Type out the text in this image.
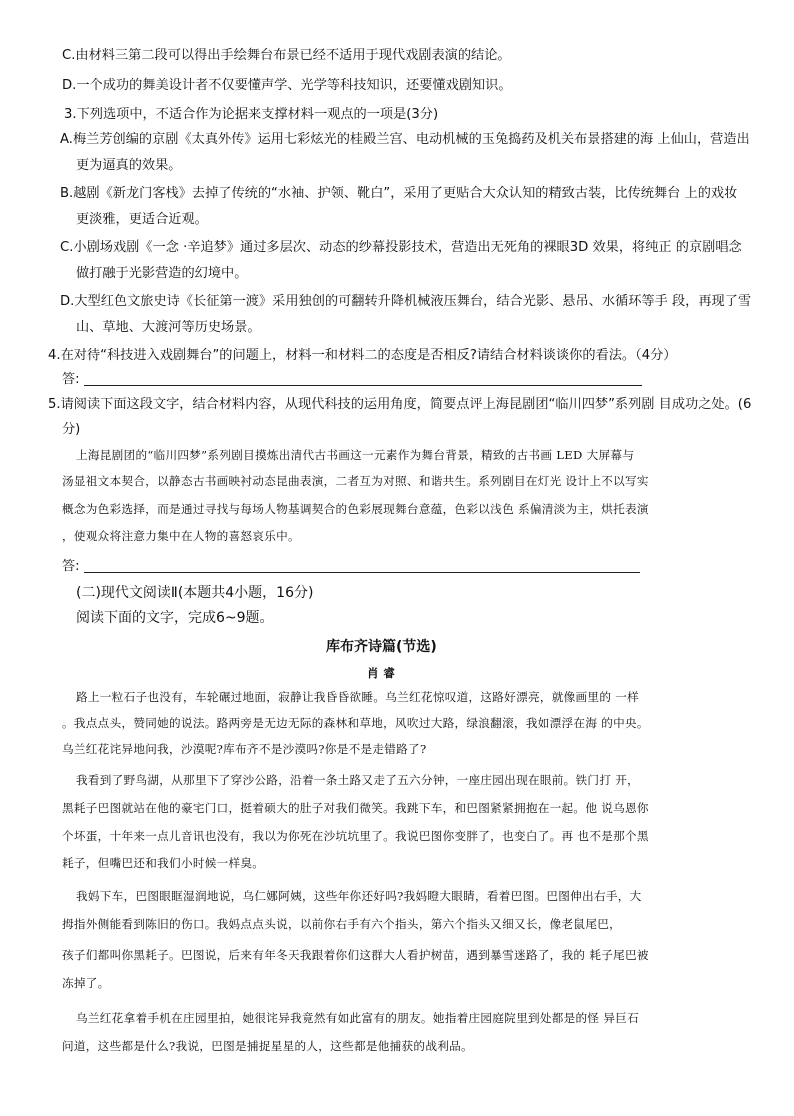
C.由材料三第二段可以得出手绘舞台布景已经不适用于现代戏剧表演的结论。
D.一个成功的舞美设计者不仅要懂声学、光学等科技知识，还要懂戏剧知识。
3.下列选项中，不适合作为论据来支撑材料一观点的一项是(3分)
A.梅兰芳创编的京剧《太真外传》运用七彩炫光的桂殿兰宫、电动机械的玉兔捣药及机关布景搭建的海 上仙山，营造出
更为逼真的效果。
B.越剧《新龙门客栈》去掉了传统的“水袖、护领、靴白”，采用了更贴合大众认知的精致古装，比传统舞台 上的戏妆
更淡雅，更适合近观。
C.小剧场戏剧《一念 ·辛追梦》通过多层次、动态的纱幕投影技术，营造出无死角的裸眼3D 效果，将纯正 的京剧唱念
做打融于光影营造的幻境中。
D.大型红色文旅史诗《长征第一渡》采用独创的可翻转升降机械液压舞台，结合光影、悬吊、水循环等手 段，再现了雪
山、草地、大渡河等历史场景。
4.在对待“科技进入戏剧舞台”的问题上，材料一和材料二的态度是否相反?请结合材料谈谈你的看法。（4分）
答:
5.请阅读下面这段文字，结合材料内容，从现代科技的运用角度，简要点评上海昆剧团“临川四梦”系列剧 目成功之处。(6
分)
上海昆剧团的“临川四梦”系列剧目摸炼出清代古书画这一元素作为舞台背景，精致的古书画 LED 大屏幕与
汤显祖文本契合，以静态古书画映衬动态昆曲表演，二者互为对照、和谐共生。系列剧目在灯光 设计上不以写实
概念为色彩选择，而是通过寻找与每场人物基调契合的色彩展现舞台意蕴，色彩以浅色 系偏清淡为主，烘托表演
，使观众将注意力集中在人物的喜怒哀乐中。
答:
(二)现代文阅读Ⅱ(本题共4小题，16分)
阅读下面的文字，完成6~9题。
库布齐诗篇(节选)
肖 睿
路上一粒石子也没有，车轮碾过地面，寂静让我昏昏欲睡。乌兰红花惊叹道，这路好漂亮，就像画里的 一样
。我点点头，赞同她的说法。路两旁是无边无际的森林和草地，风吹过大路，绿浪翻滚，我如漂浮在海 的中央。
乌兰红花诧异地问我，沙漠呢?库布齐不是沙漠吗?你是不是走错路了?
我看到了野鸟湖，从那里下了穿沙公路，沿着一条土路又走了五六分钟，一座庄园出现在眼前。铁门打 开，
黑耗子巴图就站在他的豪宅门口，挺着硕大的肚子对我们微笑。我跳下车，和巴图紧紧拥抱在一起。他 说乌恩你
个坏蛋，十年来一点儿音讯也没有，我以为你死在沙坑坑里了。我说巴图你变胖了，也变白了。再 也不是那个黑
耗子，但嘴巴还和我们小时候一样臭。
我妈下车，巴图眼眶湿润地说，乌仁娜阿姨，这些年你还好吗?我妈瞪大眼睛，看着巴图。巴图伸出右手，大
拇指外侧能看到陈旧的伤口。我妈点点头说，以前你右手有六个指头，第六个指头又细又长，像老鼠尾巴，
孩子们都叫你黑耗子。巴图说，后来有年冬天我跟着你们这群大人看护树苗，遇到暴雪迷路了，我的 耗子尾巴被
冻掉了。
乌兰红花拿着手机在庄园里拍，她很诧异我竟然有如此富有的朋友。她指着庄园庭院里到处都是的怪 异巨石
问道，这些都是什么?我说，巴图是捕捉星星的人，这些都是他捕获的战利品。
